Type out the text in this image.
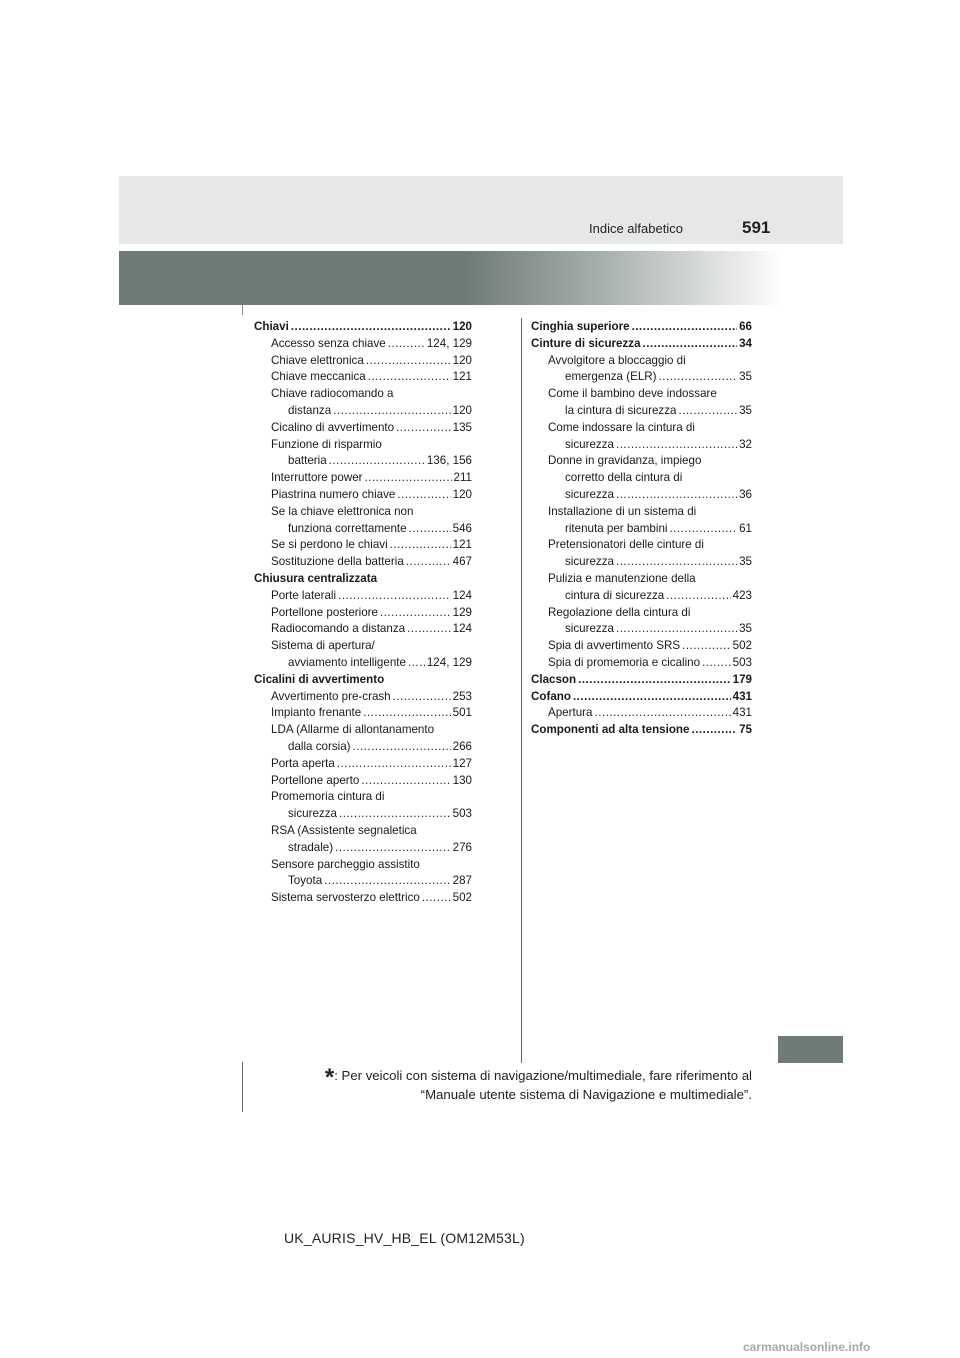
Indice alfabetico	591
Chiavi .....	120
Accesso senza chiave .....	124, 129
Chiave elettronica .....	120
Chiave meccanica .....	121
Chiave radiocomando a
distanza .....	120
Cicalino di avvertimento .....	135
Funzione di risparmio
batteria .....	136, 156
Interruttore power .....	211
Piastrina numero chiave .....	120
Se la chiave elettronica non
funziona correttamente .....	546
Se si perdono le chiavi .....	121
Sostituzione della batteria .....	467
Chiusura centralizzata
Porte laterali .....	124
Portellone posteriore .....	129
Radiocomando a distanza .....	124
Sistema di apertura/
avviamento intelligente ..... 124, 129
Cicalini di avvertimento
Avvertimento pre-crash .....	253
Impianto frenante .....	501
LDA (Allarme di allontanamento
dalla corsia) .....	266
Porta aperta .....	127
Portellone aperto .....	130
Promemoria cintura di
sicurezza .....	503
RSA (Assistente segnaletica
stradale) .....	276
Sensore parcheggio assistito
Toyota .....	287
Sistema servosterzo elettrico .....	502
Cinghia superiore .....	66
Cinture di sicurezza .....	34
Avvolgitore a bloccaggio di
emergenza (ELR) .....	35
Come il bambino deve indossare
la cintura di sicurezza .....	35
Come indossare la cintura di
sicurezza .....	32
Donne in gravidanza, impiego
corretto della cintura di
sicurezza .....	36
Installazione di un sistema di
ritenuta per bambini .....	61
Pretensionatori delle cinture di
sicurezza .....	35
Pulizia e manutenzione della
cintura di sicurezza .....	423
Regolazione della cintura di
sicurezza .....	35
Spia di avvertimento SRS .....	502
Spia di promemoria e cicalino .....	503
Clacson .....	179
Cofano .....	431
Apertura .....	431
Componenti ad alta tensione .....	75
*: Per veicoli con sistema di navigazione/multimediale, fare riferimento al
“Manuale utente sistema di Navigazione e multimediale”.
UK_AURIS_HV_HB_EL (OM12M53L)
carmanualsonline.info
